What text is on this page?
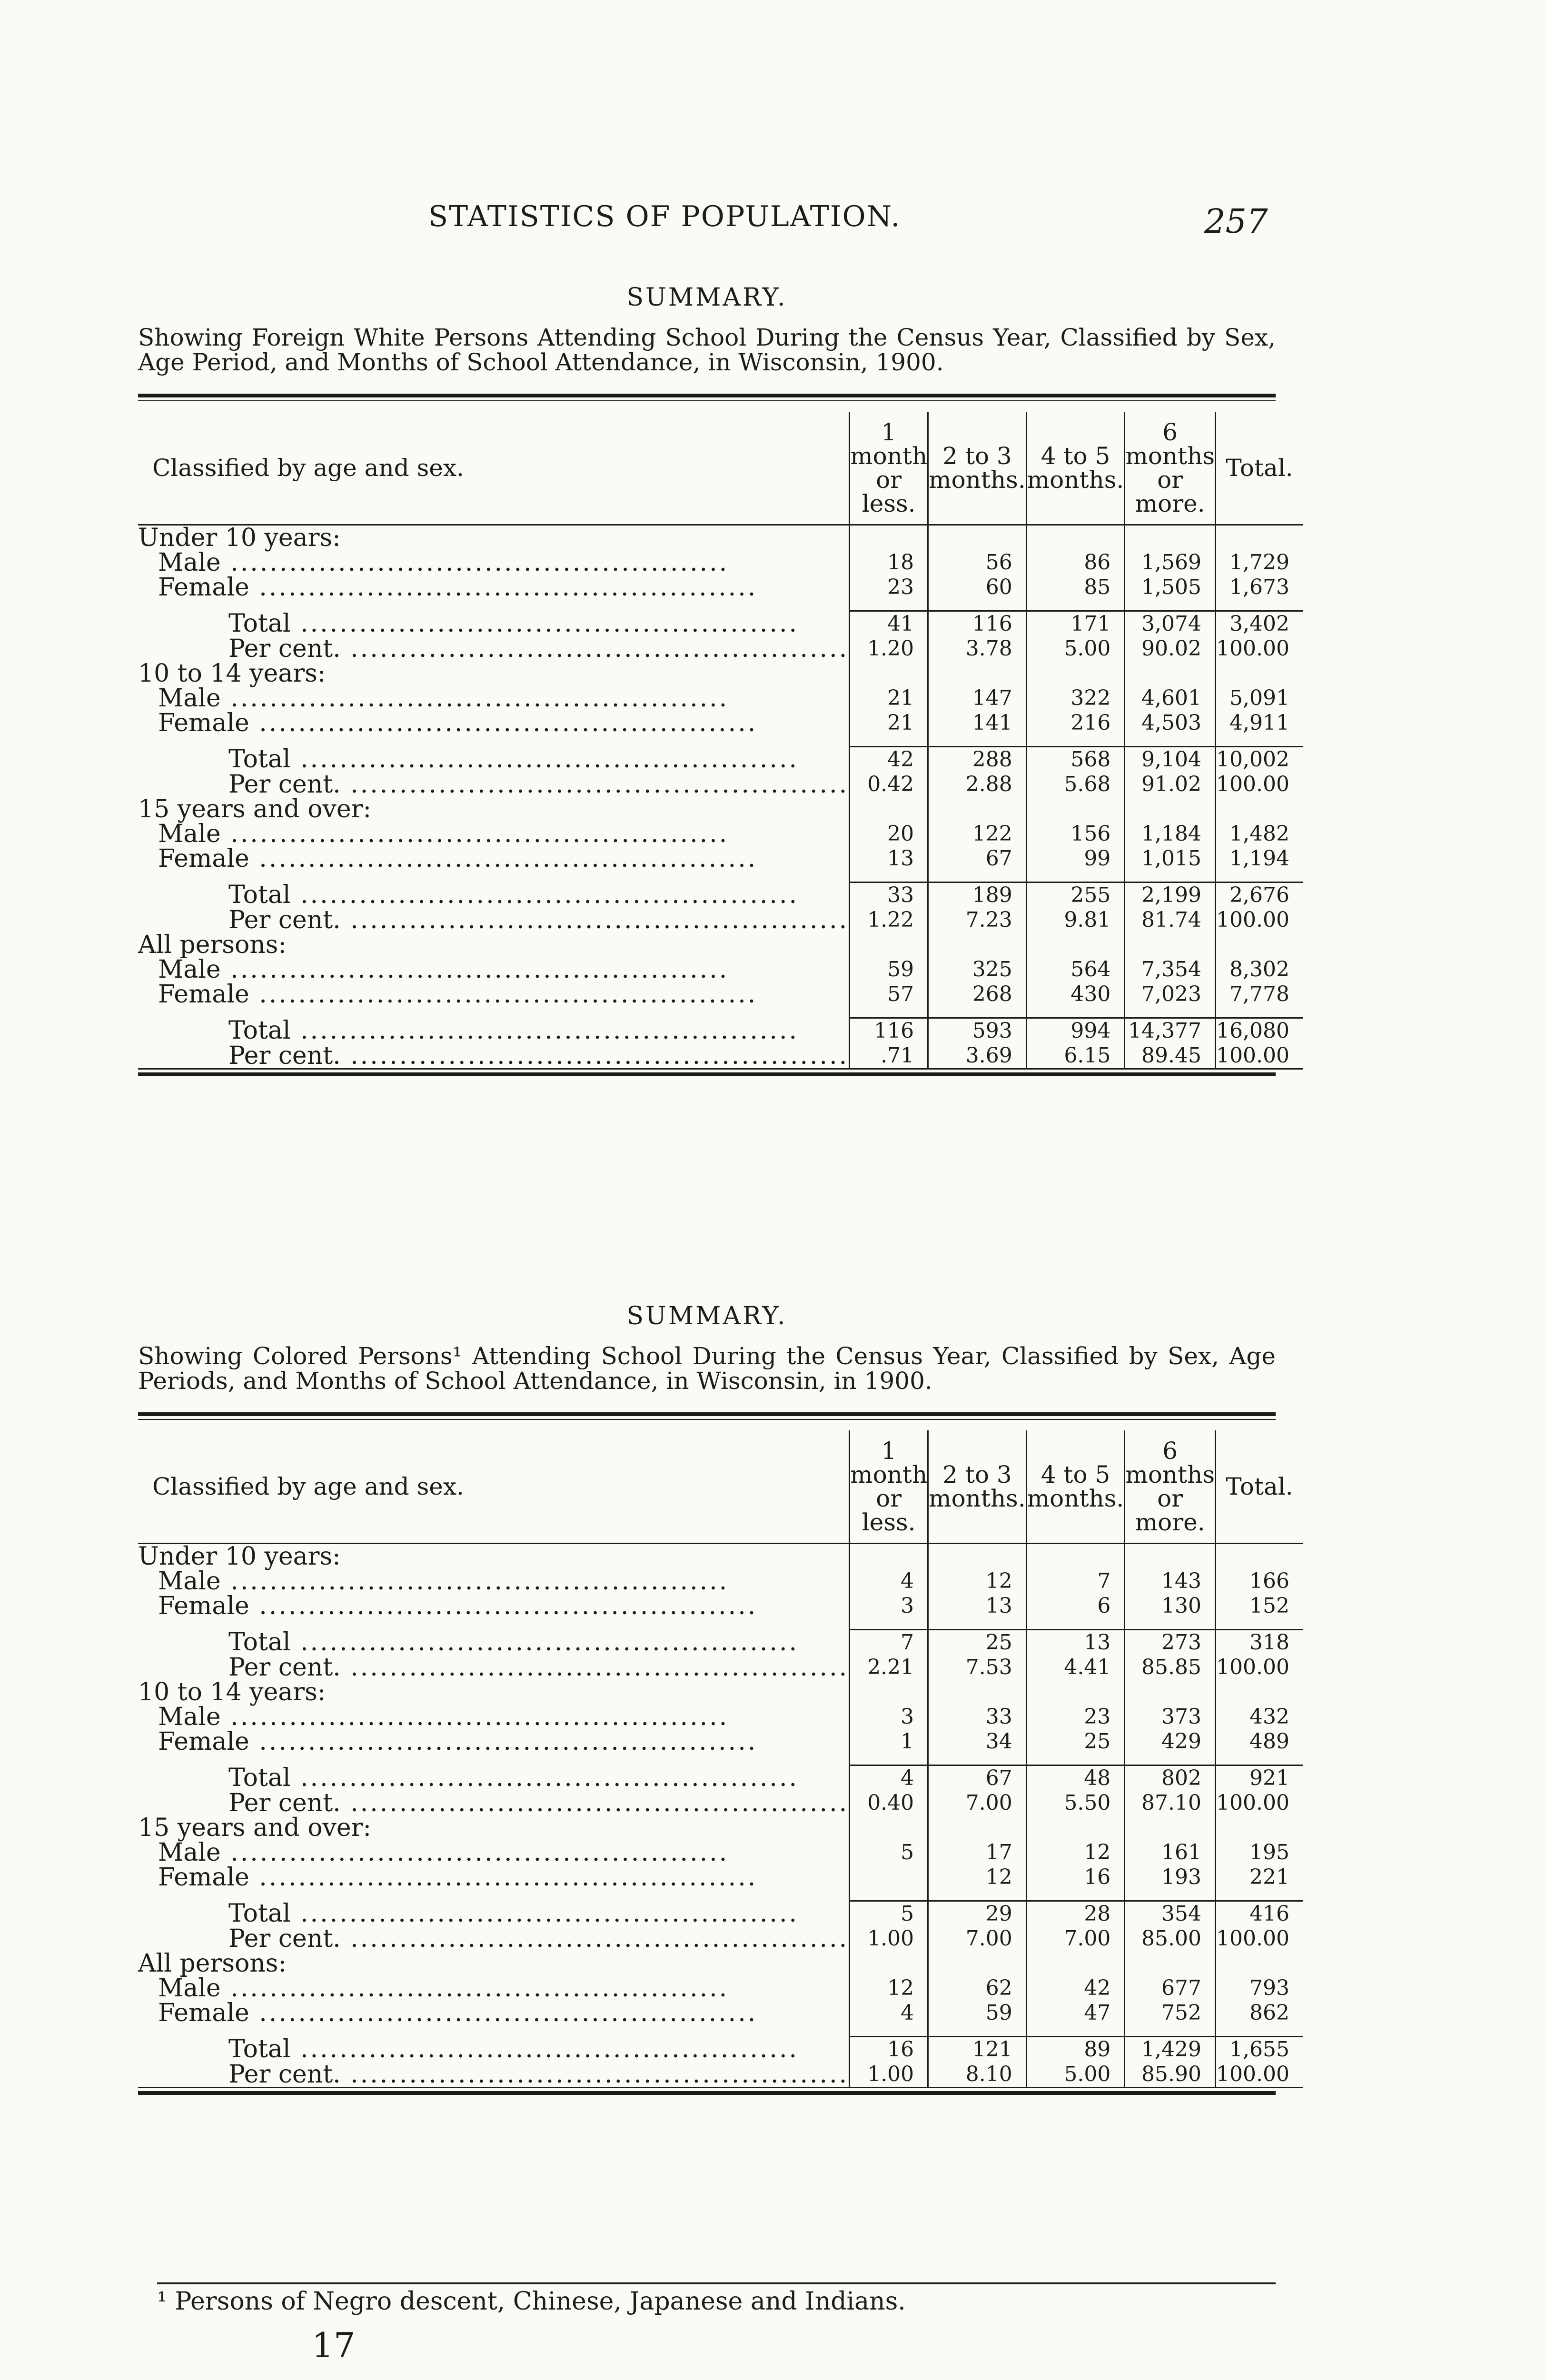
STATISTICS OF POPULATION.	257
SUMMARY.

Showing Foreign White Persons Attending School During the Census Year, Classified by Sex, Age Period, and Months of School Attendance, in Wisconsin, 1900.

Classified by age and sex.	1 month or less.	2 to 3 months.	4 to 5 months.	6 months or more.	Total.
Under 10 years:					

Male .....	18	56	86	1,569	1,729

Female .....	23	60	85	1,505	1,673

Total .....	41	116	171	3,074	3,402

Per cent. .....	1.20	3.78	5.00	90.02	100.00
10 to 14 years:					

Male .....	21	147	322	4,601	5,091

Female .....	21	141	216	4,503	4,911

Total .....	42	288	568	9,104	10,002

Per cent. .....	0.42	2.88	5.68	91.02	100.00
15 years and over:					

Male .....	20	122	156	1,184	1,482

Female .....	13	67	99	1,015	1,194

Total .....	33	189	255	2,199	2,676

Per cent. .....	1.22	7.23	9.81	81.74	100.00
All persons:					

Male .....	59	325	564	7,354	8,302

Female .....	57	268	430	7,023	7,778

Total .....	116	593	994	14,377	16,080

Per cent. .....	.71	3.69	6.15	89.45	100.00
SUMMARY.

Showing Colored Persons¹ Attending School During the Census Year, Classified by Sex, Age Periods, and Months of School Attendance, in Wisconsin, in 1900.

Classified by age and sex.	1 month or less.	2 to 3 months.	4 to 5 months.	6 months or more.	Total.
Under 10 years:					

Male .....	4	12	7	143	166

Female .....	3	13	6	130	152

Total .....	7	25	13	273	318

Per cent. .....	2.21	7.53	4.41	85.85	100.00
10 to 14 years:					

Male .....	3	33	23	373	432

Female .....	1	34	25	429	489

Total .....	4	67	48	802	921

Per cent. .....	0.40	7.00	5.50	87.10	100.00
15 years and over:					

Male .....	5	17	12	161	195

Female .....		12	16	193	221

Total .....	5	29	28	354	416

Per cent. .....	1.00	7.00	7.00	85.00	100.00
All persons:					

Male .....	12	62	42	677	793

Female .....	4	59	47	752	862

Total .....	16	121	89	1,429	1,655

Per cent. .....	1.00	8.10	5.00	85.90	100.00
¹ Persons of Negro descent, Chinese, Japanese and Indians.
17
